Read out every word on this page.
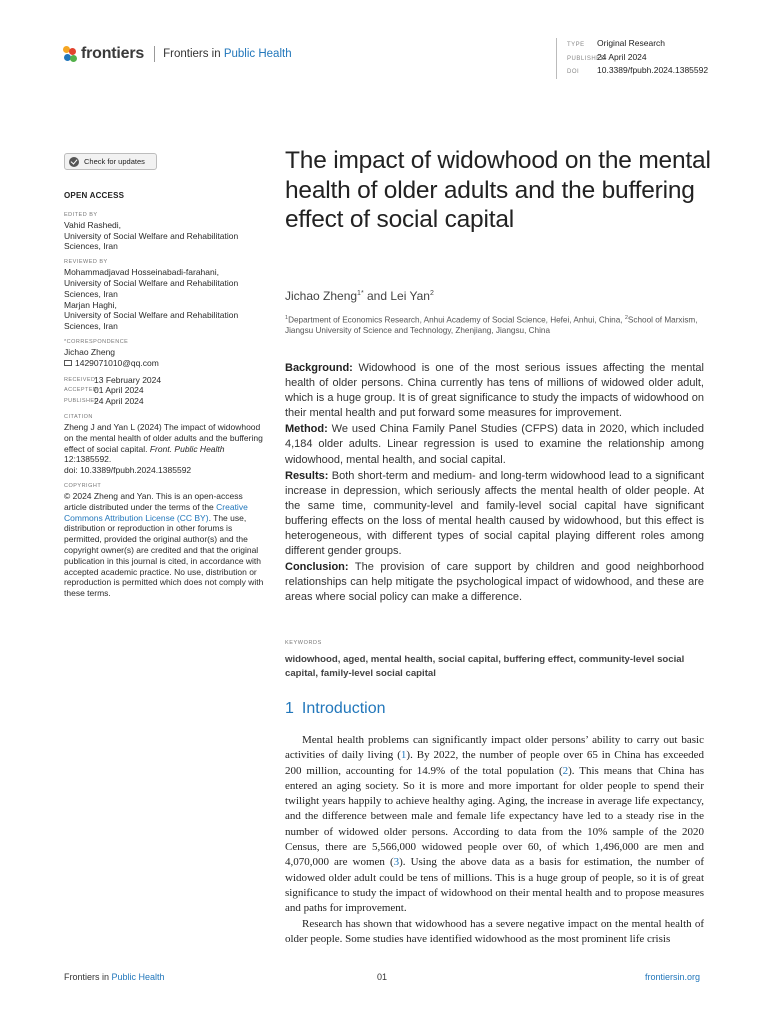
frontiers Frontiers in Public Health
TYPE Original Research
PUBLISHED24 April 2024
DOI 10.3389/fpubh.2024.1385592
Check for updates
OPEN ACCESS
EDITED BY
Vahid Rashedi,
University of Social Welfare and Rehabilitation Sciences, Iran
REVIEWED BY
Mohammadjavad Hosseinabadi-farahani,
University of Social Welfare and Rehabilitation Sciences, Iran
Marjan Haghi,
University of Social Welfare and Rehabilitation Sciences, Iran
*CORRESPONDENCE
Jichao Zheng
1429071010@qq.com
RECEIVED
13 February 2024
ACCEPTED
01 April 2024
PUBLISHED
24 April 2024
CITATION
Zheng J and Yan L (2024) The impact of widowhood on the mental health of older adults and the buffering effect of social capital. Front. Public Health 12:1385592.
doi: 10.3389/fpubh.2024.1385592
COPYRIGHT
© 2024 Zheng and Yan. This is an open-access article distributed under the terms of the Creative Commons Attribution License (CC BY). The use, distribution or reproduction in other forums is permitted, provided the original author(s) and the copyright owner(s) are credited and that the original publication in this journal is cited, in accordance with accepted academic practice. No use, distribution or reproduction is permitted which does not comply with these terms.
The impact of widowhood on the mental health of older adults and the buffering effect of social capital
Jichao Zheng$^{1*}$ and Lei Yan$^2$
$^1$Department of Economics Research, Anhui Academy of Social Science, Hefei, Anhui, China, $^2$School of Marxism, Jiangsu University of Science and Technology, Zhenjiang, Jiangsu, China

Background: Widowhood is one of the most serious issues affecting the mental health of older persons. China currently has tens of millions of widowed older adult, which is a huge group. It is of great significance to study the impacts of widowhood on their mental health and put forward some measures for improvement.

Method: We used China Family Panel Studies (CFPS) data in 2020, which included 4,184 older adults. Linear regression is used to examine the relationship among widowhood, mental health, and social capital.

Results: Both short-term and medium- and long-term widowhood lead to a significant increase in depression, which seriously affects the mental health of older people. At the same time, community-level and family-level social capital have significant buffering effects on the loss of mental health caused by widowhood, but this effect is heterogeneous, with different types of social capital playing different roles among different gender groups.

Conclusion: The provision of care support by children and good neighborhood relationships can help mitigate the psychological impact of widowhood, and these are areas where social policy can make a difference.

KEYWORDS
widowhood, aged, mental health, social capital, buffering effect, community-level social capital, family-level social capital
1 Introduction

Mental health problems can significantly impact older persons’ ability to carry out basic activities of daily living (1). By 2022, the number of people over 65 in China has exceeded 200 million, accounting for 14.9% of the total population (2). This means that China has entered an aging society. So it is more and more important for older people to spend their twilight years happily to achieve healthy aging. Aging, the increase in average life expectancy, and the difference between male and female life expectancy have led to a steady rise in the number of widowed older persons. According to data from the 10% sample of the 2020 Census, there are 5,566,000 widowed people over 60, of which 1,496,000 are men and 4,070,000 are women (3). Using the above data as a basis for estimation, the number of widowed older adult could be tens of millions. This is a huge group of people, so it is of great significance to study the impact of widowhood on their mental health and to propose measures and paths for improvement.

Research has shown that widowhood has a severe negative impact on the mental health of older people. Some studies have identified widowhood as the most prominent life crisis

Frontiers in Public Health	01	frontiersin.org
